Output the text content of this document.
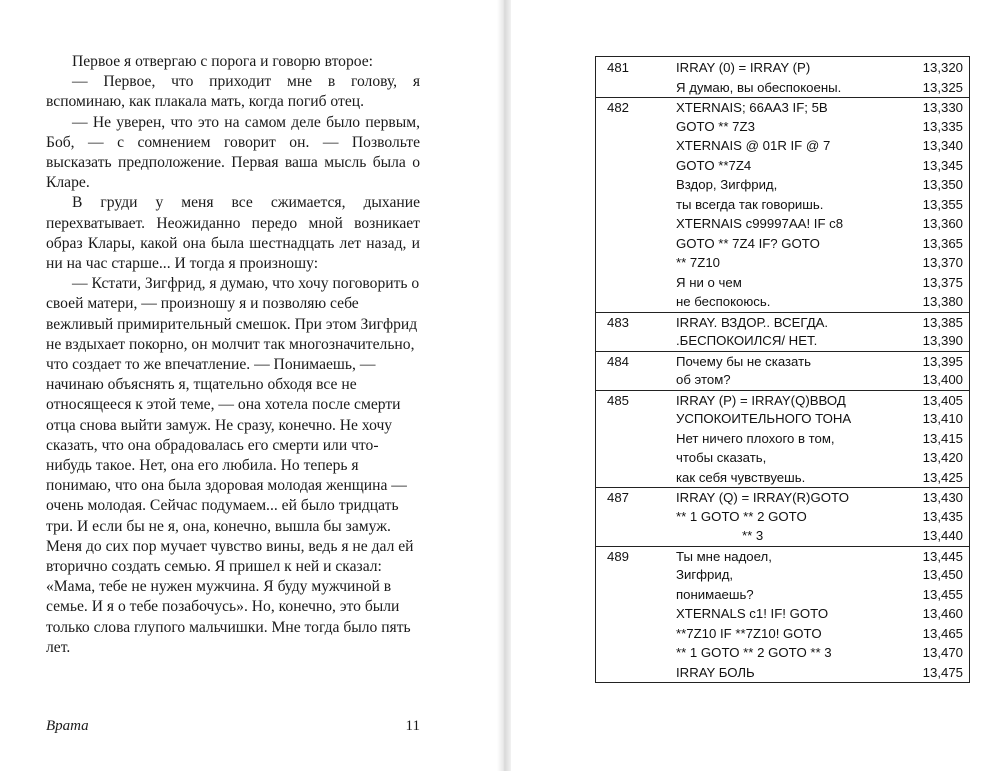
Первое я отвергаю с порога и говорю второе:

— Первое, что приходит мне в голову, я вспоминаю, как плакала мать, когда погиб отец.

— Не уверен, что это на самом деле было первым, Боб, — с сомнением говорит он. — Позвольте высказать предположение. Первая ваша мысль была о Кларе.

В груди у меня все сжимается, дыхание перехватывает. Неожиданно передо мной возникает образ Клары, какой она была шестнадцать лет назад, и ни на час старше... И тогда я произношу:

— Кстати, Зигфрид, я думаю, что хочу поговорить о своей матери, — произношу я и позволяю себе вежливый примирительный смешок. При этом Зигфрид не вздыхает покорно, он молчит так многозначительно, что создает то же впечатление. — Понимаешь, — начинаю объяснять я, тщательно обходя все не относящееся к этой теме, — она хотела после смерти отца снова выйти замуж. Не сразу, конечно. Не хочу сказать, что она обрадовалась его смерти или что-нибудь такое. Нет, она его любила. Но теперь я понимаю, что она была здоровая молодая женщина — очень молодая. Сейчас подумаем... ей было тридцать три. И если бы не я, она, конечно, вышла бы замуж. Меня до сих пор мучает чувство вины, ведь я не дал ей вторично создать семью. Я пришел к ней и сказал: «Мама, тебе не нужен мужчина. Я буду мужчиной в семье. И я о тебе позабочусь». Но, конечно, это были только слова глупого мальчишки. Мне тогда было пять лет.

Врата	11
481	IRRAY (0) = IRRAY (P)	13,320
Я думаю, вы обеспокоены.	13,325
482	XTERNAIS; 66AA3 IF; 5B	13,330
GOTO ** 7Z3	13,335
XTERNAIS @ 01R IF @ 7	13,340
GOTO **7Z4	13,345
Вздор, Зигфрид,	13,350
ты всегда так говоришь.	13,355
XTERNAIS c99997AA! IF c8	13,360
GOTO ** 7Z4 IF? GOTO	13,365
** 7Z10	13,370
Я ни о чем	13,375
не беспокоюсь.	13,380
483	IRRAY. ВЗДОР.. ВСЕГДА.	13,385
.БЕСПОКОИЛСЯ/ НЕТ.	13,390
484	Почему бы не сказать	13,395
об этом?	13,400
485	IRRAY (P) = IRRAY(Q)ВВОД	13,405
УСПОКОИТЕЛЬНОГО ТОНА	13,410
Нет ничего плохого в том,	13,415
чтобы сказать,	13,420
как себя чувствуешь.	13,425
487	IRRAY (Q) = IRRAY(R)GOTO	13,430
** 1 GOTO ** 2 GOTO	13,435
** 3	13,440
489	Ты мне надоел,	13,445
Зигфрид,	13,450
понимаешь?	13,455
XTERNALS c1! IF! GOTO	13,460
**7Z10 IF **7Z10! GOTO	13,465
** 1 GOTO ** 2 GOTO ** 3	13,470
IRRAY БОЛЬ	13,475
